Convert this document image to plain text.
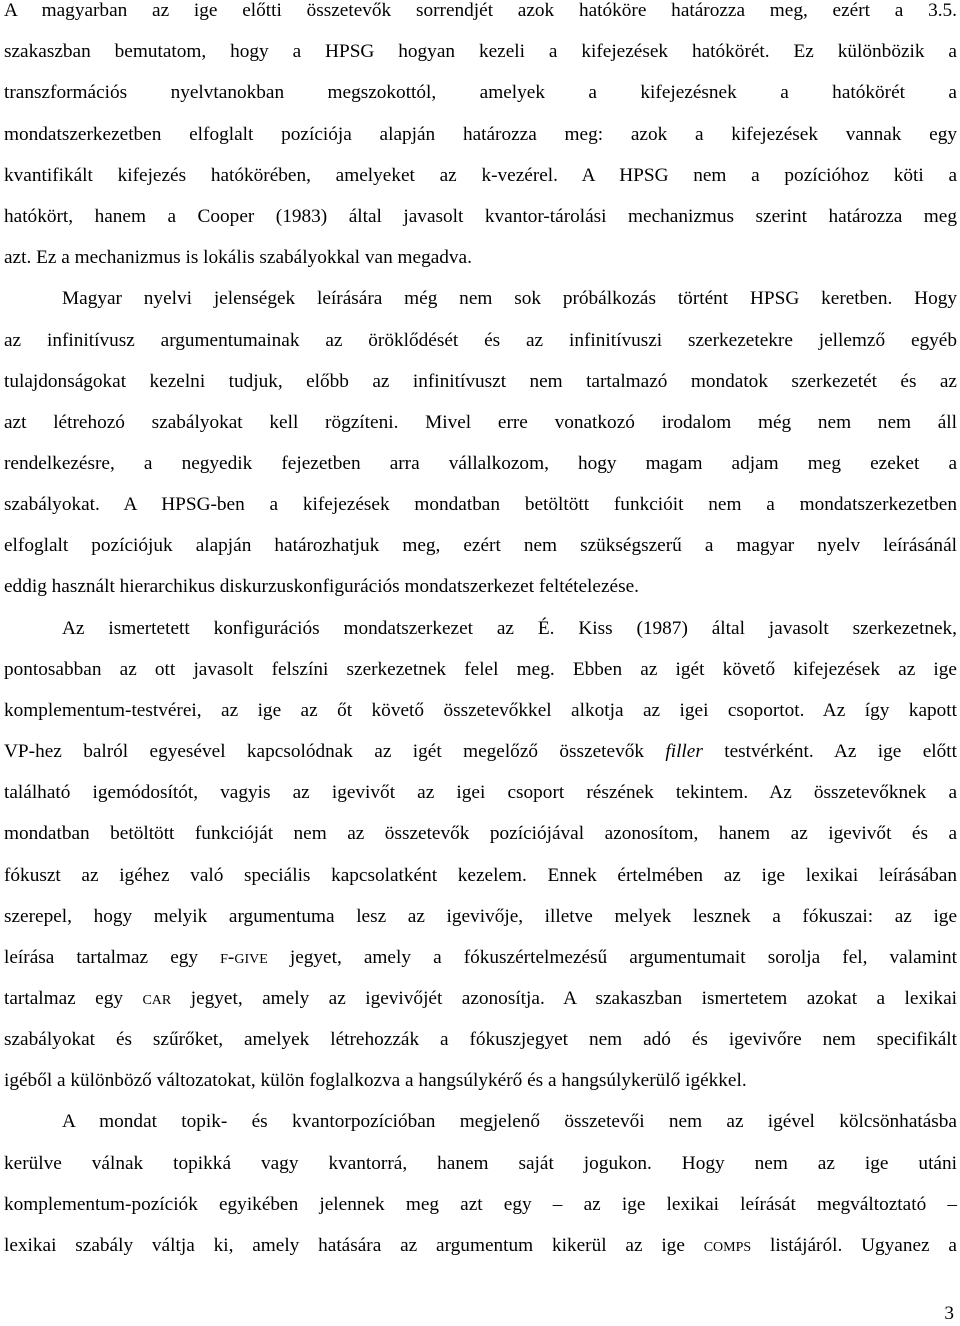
A magyarban az ige előtti összetevők sorrendjét azok hatóköre határozza meg, ezért a 3.5.
szakaszban bemutatom, hogy a HPSG hogyan kezeli a kifejezések hatókörét. Ez különbözik a
transzformációs nyelvtanokban megszokottól, amelyek a kifejezésnek a hatókörét a
mondatszerkezetben elfoglalt pozíciója alapján határozza meg: azok a kifejezések vannak egy
kvantifikált kifejezés hatókörében, amelyeket az k-vezérel. A HPSG nem a pozícióhoz köti a
hatókört, hanem a Cooper (1983) által javasolt kvantor-tárolási mechanizmus szerint határozza meg
azt. Ez a mechanizmus is lokális szabályokkal van megadva.
Magyar nyelvi jelenségek leírására még nem sok próbálkozás történt HPSG keretben. Hogy
az infinitívusz argumentumainak az öröklődését és az infinitívuszi szerkezetekre jellemző egyéb
tulajdonságokat kezelni tudjuk, előbb az infinitívuszt nem tartalmazó mondatok szerkezetét és az
azt létrehozó szabályokat kell rögzíteni. Mivel erre vonatkozó irodalom még nem nem áll
rendelkezésre, a negyedik fejezetben arra vállalkozom, hogy magam adjam meg ezeket a
szabályokat. A HPSG-ben a kifejezések mondatban betöltött funkcióit nem a mondatszerkezetben
elfoglalt pozíciójuk alapján határozhatjuk meg, ezért nem szükségszerű a magyar nyelv leírásánál
eddig használt hierarchikus diskurzuskonfigurációs mondatszerkezet feltételezése.
Az ismertetett konfigurációs mondatszerkezet az É. Kiss (1987) által javasolt szerkezetnek,
pontosabban az ott javasolt felszíni szerkezetnek felel meg. Ebben az igét követő kifejezések az ige
komplementum-testvérei, az ige az őt követő összetevőkkel alkotja az igei csoportot. Az így kapott
VP-hez balról egyesével kapcsolódnak az igét megelőző összetevők filler testvérként. Az ige előtt
található igemódosítót, vagyis az igevivőt az igei csoport részének tekintem. Az összetevőknek a
mondatban betöltött funkcióját nem az összetevők pozíciójával azonosítom, hanem az igevivőt és a
fókuszt az igéhez való speciális kapcsolatként kezelem. Ennek értelmében az ige lexikai leírásában
szerepel, hogy melyik argumentuma lesz az igevivője, illetve melyek lesznek a fókuszai: az ige
leírása tartalmaz egy f-give jegyet, amely a fókuszértelmezésű argumentumait sorolja fel, valamint
tartalmaz egy car jegyet, amely az igevivőjét azonosítja. A szakaszban ismertetem azokat a lexikai
szabályokat és szűrőket, amelyek létrehozzák a fókuszjegyet nem adó és igevivőre nem specifikált
igéből a különböző változatokat, külön foglalkozva a hangsúlykérő és a hangsúlykerülő igékkel.
A mondat topik- és kvantorpozícióban megjelenő összetevői nem az igével kölcsönhatásba
kerülve válnak topikká vagy kvantorrá, hanem saját jogukon. Hogy nem az ige utáni
komplementum-pozíciók egyikében jelennek meg azt egy – az ige lexikai leírását megváltoztató –
lexikai szabály váltja ki, amely hatására az argumentum kikerül az ige comps listájáról. Ugyanez a
3
